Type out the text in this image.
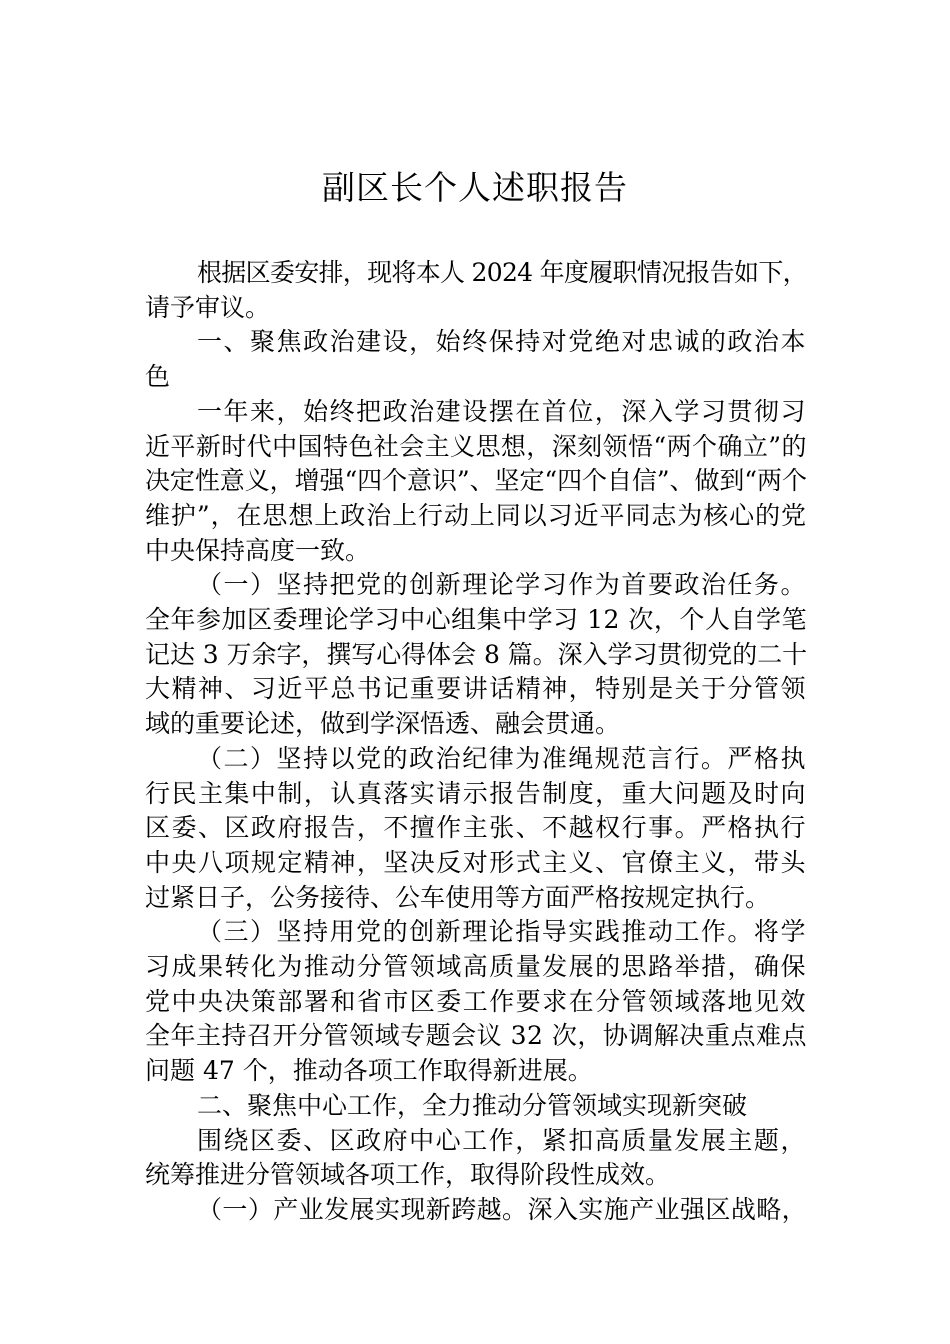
副区长个人述职报告
根据区委安排，现将本人 2024 年度履职情况报告如下，
请予审议。
一、聚焦政治建设，始终保持对党绝对忠诚的政治本
色
一年来，始终把政治建设摆在首位，深入学习贯彻习
近平新时代中国特色社会主义思想，深刻领悟“两个确立”的
决定性意义，增强“四个意识”、坚定“四个自信”、做到“两个
维护”，在思想上政治上行动上同以习近平同志为核心的党
中央保持高度一致。
（一）坚持把党的创新理论学习作为首要政治任务。
全年参加区委理论学习中心组集中学习 12 次，个人自学笔
记达 3 万余字，撰写心得体会 8 篇。深入学习贯彻党的二十
大精神、习近平总书记重要讲话精神，特别是关于分管领
域的重要论述，做到学深悟透、融会贯通。
（二）坚持以党的政治纪律为准绳规范言行。严格执
行民主集中制，认真落实请示报告制度，重大问题及时向
区委、区政府报告，不擅作主张、不越权行事。严格执行
中央八项规定精神，坚决反对形式主义、官僚主义，带头
过紧日子，公务接待、公车使用等方面严格按规定执行。
（三）坚持用党的创新理论指导实践推动工作。将学
习成果转化为推动分管领域高质量发展的思路举措，确保
党中央决策部署和省市区委工作要求在分管领域落地见效
全年主持召开分管领域专题会议 32 次，协调解决重点难点
问题 47 个，推动各项工作取得新进展。
二、聚焦中心工作，全力推动分管领域实现新突破
围绕区委、区政府中心工作，紧扣高质量发展主题，
统筹推进分管领域各项工作，取得阶段性成效。
（一）产业发展实现新跨越。深入实施产业强区战略，
